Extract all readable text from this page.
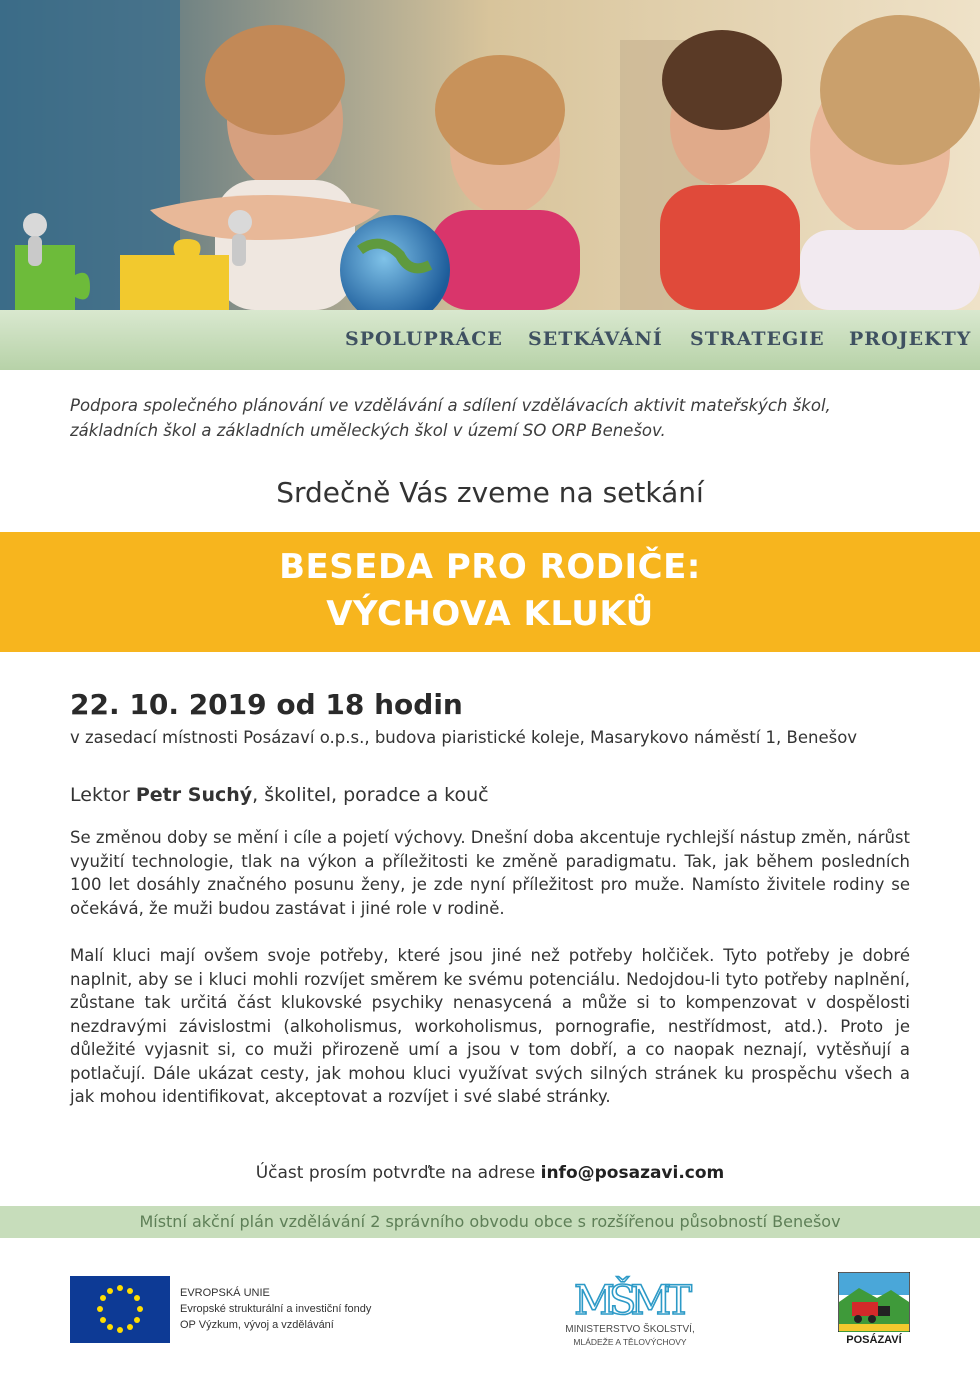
SPOLUPRÁCE SETKÁVÁNÍ STRATEGIE PROJEKTY
Podpora společného plánování ve vzdělávání a sdílení vzdělávacích aktivit mateřských škol,
základních škol a základních uměleckých škol v území SO ORP Benešov.
Srdečně Vás zveme na setkání
BESEDA PRO RODIČE:
VÝCHOVA KLUKŮ
22. 10. 2019 od 18 hodin
v zasedací místnosti Posázaví o.p.s., budova piaristické koleje, Masarykovo náměstí 1, Benešov
Lektor Petr Suchý, školitel, poradce a kouč

Se změnou doby se mění i cíle a pojetí výchovy. Dnešní doba akcentuje rychlejší nástup změn, nárůst využití technologie, tlak na výkon a příležitosti ke změně paradigmatu. Tak, jak během posledních 100 let dosáhly značného posunu ženy, je zde nyní příležitost pro muže. Namísto živitele rodiny se očekává, že muži budou zastávat i jiné role v rodině.

Malí kluci mají ovšem svoje potřeby, které jsou jiné než potřeby holčiček. Tyto potřeby je dobré naplnit, aby se i kluci mohli rozvíjet směrem ke svému potenciálu. Nedojdou-li tyto potřeby naplnění, zůstane tak určitá část klukovské psychiky nenasycená a může si to kompenzovat v dospělosti nezdravými závislostmi (alkoholismus, workoholismus, pornografie, nestřídmost, atd.). Proto je důležité vyjasnit si, co muži přirozeně umí a jsou v tom dobří, a co naopak neznají, vytěsňují a potlačují. Dále ukázat cesty, jak mohou kluci využívat svých silných stránek ku prospěchu všech a jak mohou identifikovat, akceptovat a rozvíjet i své slabé stránky.

Účast prosím potvrďte na adrese info@posazavi.com
Místní akční plán vzdělávání 2 správního obvodu obce s rozšířenou působností Benešov
EVROPSKÁ UNIE
Evropské strukturální a investiční fondy
OP Výzkum, vývoj a vzdělávání
MŠMT
MINISTERSTVO ŠKOLSTVÍ,
MLÁDEŽE A TĚLOVÝCHOVY	POSÁZAVÍ
